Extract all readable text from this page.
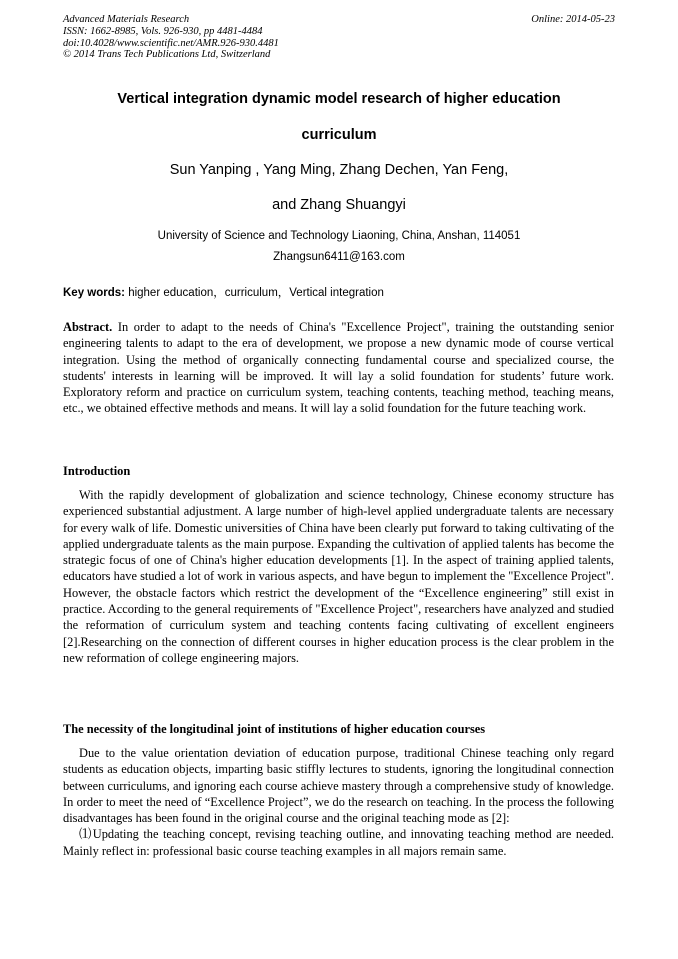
Advanced Materials Research
ISSN: 1662-8985, Vols. 926-930, pp 4481-4484
doi:10.4028/www.scientific.net/AMR.926-930.4481
© 2014 Trans Tech Publications Ltd, Switzerland
Online: 2014-05-23
Vertical integration dynamic model research of higher education
curriculum
Sun Yanping , Yang Ming, Zhang Dechen, Yan Feng,
and Zhang Shuangyi
University of Science and Technology Liaoning, China, Anshan, 114051
Zhangsun6411@163.com
Key words: higher education，curriculum，Vertical integration

Abstract. In order to adapt to the needs of China's "Excellence Project", training the outstanding senior engineering talents to adapt to the era of development, we propose a new dynamic mode of course vertical integration. Using the method of organically connecting fundamental course and specialized course, the students' interests in learning will be improved. It will lay a solid foundation for students’ future work. Exploratory reform and practice on curriculum system, teaching contents, teaching method, teaching means, etc., we obtained effective methods and means. It will lay a solid foundation for the future teaching work.

Introduction

With the rapidly development of globalization and science technology, Chinese economy structure has experienced substantial adjustment. A large number of high-level applied undergraduate talents are necessary for every walk of life. Domestic universities of China have been clearly put forward to taking cultivating of the applied undergraduate talents as the main purpose. Expanding the cultivation of applied talents has become the strategic focus of one of China's higher education developments [1]. In the aspect of training applied talents, educators have studied a lot of work in various aspects, and have begun to implement the "Excellence Project". However, the obstacle factors which restrict the development of the “Excellence engineering” still exist in practice. According to the general requirements of "Excellence Project", researchers have analyzed and studied the reformation of curriculum system and teaching contents facing cultivating of excellent engineers [2].Researching on the connection of different courses in higher education process is the clear problem in the new reformation of college engineering majors.

The necessity of the longitudinal joint of institutions of higher education courses

Due to the value orientation deviation of education purpose, traditional Chinese teaching only regard students as education objects, imparting basic stiffly lectures to students, ignoring the longitudinal connection between curriculums, and ignoring each course achieve mastery through a comprehensive study of knowledge. In order to meet the need of “Excellence Project”, we do the research on teaching. In the process the following disadvantages has been found in the original course and the original teaching mode as [2]:

⑴Updating the teaching concept, revising teaching outline, and innovating teaching method are needed. Mainly reflect in: professional basic course teaching examples in all majors remain same.
